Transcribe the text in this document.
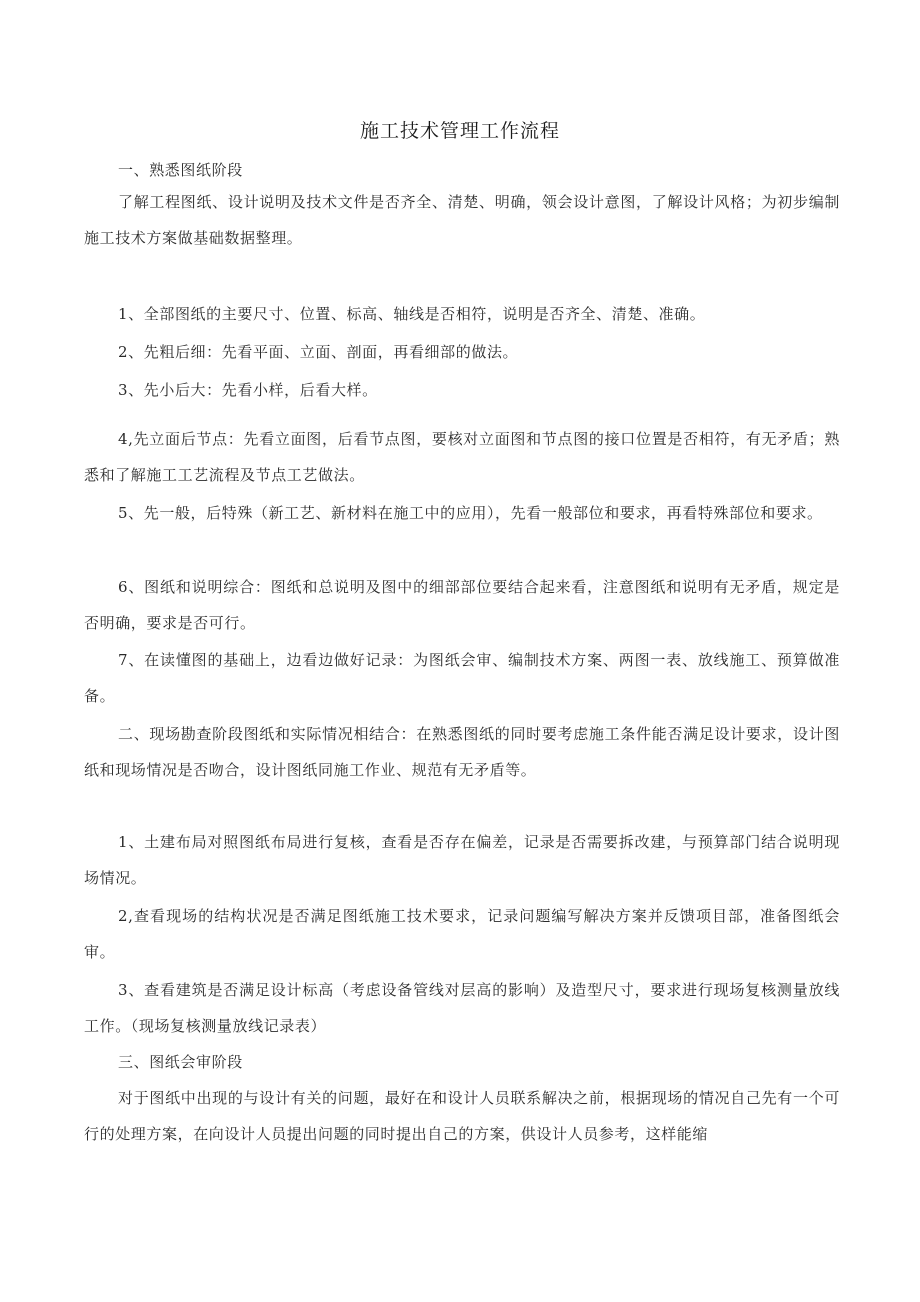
施工技术管理工作流程

一、熟悉图纸阶段

了解工程图纸、设计说明及技术文件是否齐全、清楚、明确，领会设计意图，了解设计风格；为初步编制施工技术方案做基础数据整理。

1、全部图纸的主要尺寸、位置、标高、轴线是否相符，说明是否齐全、清楚、准确。

2、先粗后细：先看平面、立面、剖面，再看细部的做法。

3、先小后大：先看小样，后看大样。

4,先立面后节点：先看立面图，后看节点图，要核对立面图和节点图的接口位置是否相符，有无矛盾；熟悉和了解施工工艺流程及节点工艺做法。

5、先一般，后特殊（新工艺、新材料在施工中的应用），先看一般部位和要求，再看特殊部位和要求。

6、图纸和说明综合：图纸和总说明及图中的细部部位要结合起来看，注意图纸和说明有无矛盾，规定是否明确，要求是否可行。

7、在读懂图的基础上，边看边做好记录：为图纸会审、编制技术方案、两图一表、放线施工、预算做准备。

二、现场勘查阶段图纸和实际情况相结合：在熟悉图纸的同时要考虑施工条件能否满足设计要求，设计图纸和现场情况是否吻合，设计图纸同施工作业、规范有无矛盾等。

1、土建布局对照图纸布局进行复核，查看是否存在偏差，记录是否需要拆改建，与预算部门结合说明现场情况。

2,查看现场的结构状况是否满足图纸施工技术要求，记录问题编写解决方案并反馈项目部，准备图纸会审。

3、查看建筑是否满足设计标高（考虑设备管线对层高的影响）及造型尺寸，要求进行现场复核测量放线工作。（现场复核测量放线记录表）

三、图纸会审阶段

对于图纸中出现的与设计有关的问题，最好在和设计人员联系解决之前，根据现场的情况自己先有一个可行的处理方案，在向设计人员提出问题的同时提出自己的方案，供设计人员参考，这样能缩
